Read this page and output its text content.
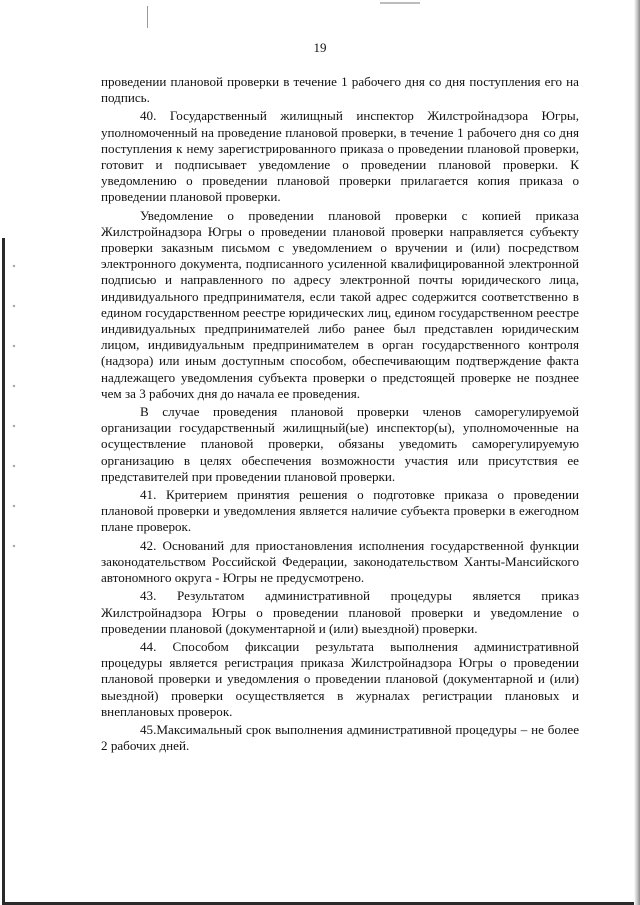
19

проведении плановой проверки в течение 1 рабочего дня со дня поступления его на подпись.

40. Государственный жилищный инспектор Жилстройнадзора Югры, уполномоченный на проведение плановой проверки, в течение 1 рабочего дня со дня поступления к нему зарегистрированного приказа о проведении плановой проверки, готовит и подписывает уведомление о проведении плановой проверки. К уведомлению о проведении плановой проверки прилагается копия приказа о проведении плановой проверки.

Уведомление о проведении плановой проверки с копией приказа Жилстройнадзора Югры о проведении плановой проверки направляется субъекту проверки заказным письмом с уведомлением о вручении и (или) посредством электронного документа, подписанного усиленной квалифицированной электронной подписью и направленного по адресу электронной почты юридического лица, индивидуального предпринимателя, если такой адрес содержится соответственно в едином государственном реестре юридических лиц, едином государственном реестре индивидуальных предпринимателей либо ранее был представлен юридическим лицом, индивидуальным предпринимателем в орган государственного контроля (надзора) или иным доступным способом, обеспечивающим подтверждение факта надлежащего уведомления субъекта проверки о предстоящей проверке не позднее чем за 3 рабочих дня до начала ее проведения.

В случае проведения плановой проверки членов саморегулируемой организации государственный жилищный(ые) инспектор(ы), уполномоченные на осуществление плановой проверки, обязаны уведомить саморегулируемую организацию в целях обеспечения возможности участия или присутствия ее представителей при проведении плановой проверки.

41. Критерием принятия решения о подготовке приказа о проведении плановой проверки и уведомления является наличие субъекта проверки в ежегодном плане проверок.

42. Оснований для приостановления исполнения государственной функции законодательством Российской Федерации, законодательством Ханты-Мансийского автономного округа - Югры не предусмотрено.

43. Результатом административной процедуры является приказ Жилстройнадзора Югры о проведении плановой проверки и уведомление о проведении плановой (документарной и (или) выездной) проверки.

44. Способом фиксации результата выполнения административной процедуры является регистрация приказа Жилстройнадзора Югры о проведении плановой проверки и уведомления о проведении плановой (документарной и (или) выездной) проверки осуществляется в журналах регистрации плановых и внеплановых проверок.

45.Максимальный срок выполнения административной процедуры – не более 2 рабочих дней.
